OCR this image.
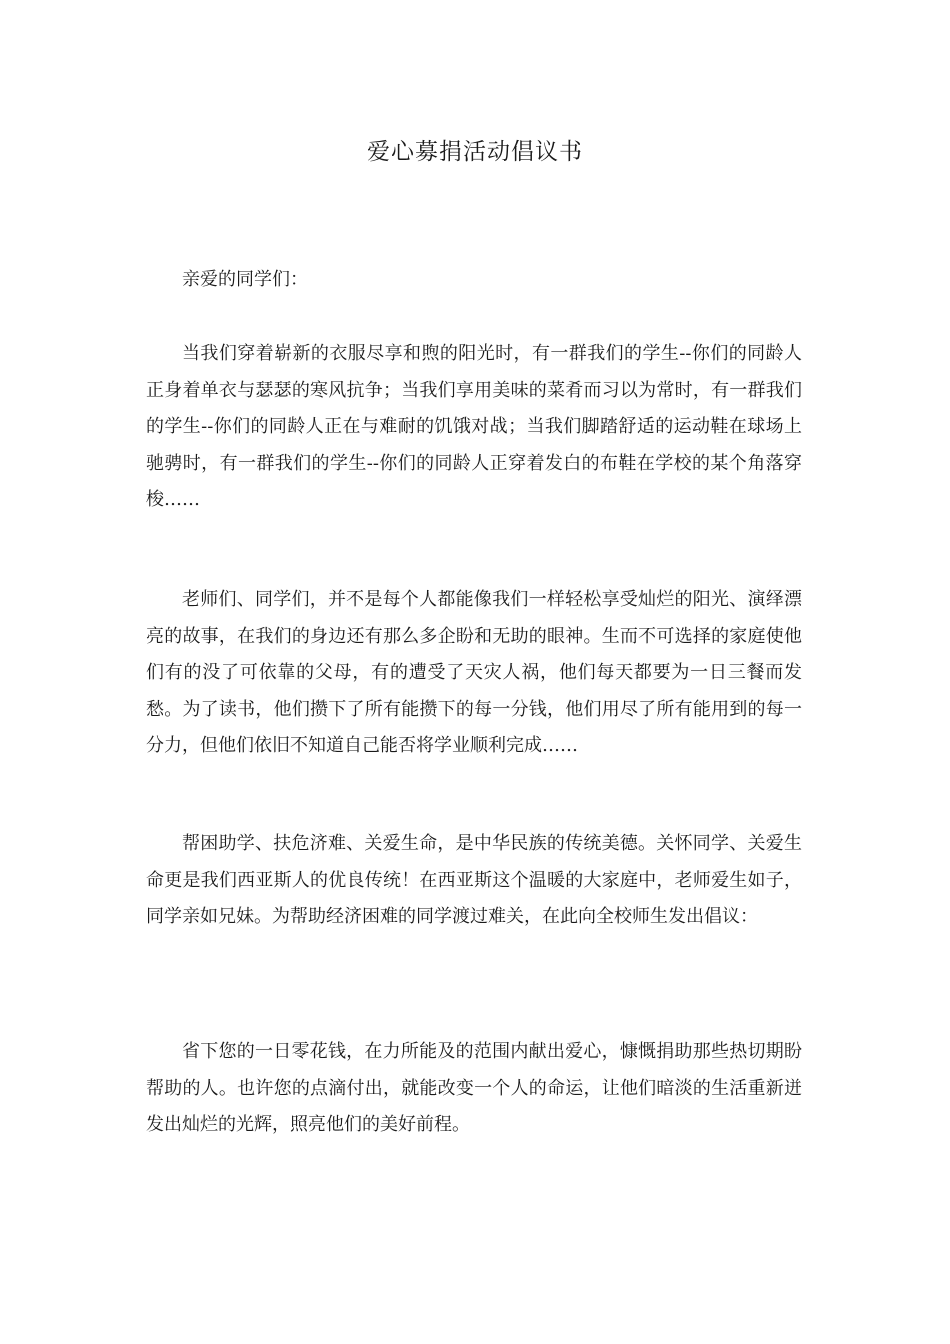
爱心募捐活动倡议书

亲爱的同学们：

当我们穿着崭新的衣服尽享和煦的阳光时，有一群我们的学生--你们的同龄人正身着单衣与瑟瑟的寒风抗争；当我们享用美味的菜肴而习以为常时，有一群我们的学生--你们的同龄人正在与难耐的饥饿对战；当我们脚踏舒适的运动鞋在球场上驰骋时，有一群我们的学生--你们的同龄人正穿着发白的布鞋在学校的某个角落穿梭……

老师们、同学们，并不是每个人都能像我们一样轻松享受灿烂的阳光、演绎漂亮的故事，在我们的身边还有那么多企盼和无助的眼神。生而不可选择的家庭使他们有的没了可依靠的父母，有的遭受了天灾人祸，他们每天都要为一日三餐而发愁。为了读书，他们攒下了所有能攒下的每一分钱，他们用尽了所有能用到的每一分力，但他们依旧不知道自己能否将学业顺利完成……

帮困助学、扶危济难、关爱生命，是中华民族的传统美德。关怀同学、关爱生命更是我们西亚斯人的优良传统！在西亚斯这个温暖的大家庭中，老师爱生如子，同学亲如兄妹。为帮助经济困难的同学渡过难关，在此向全校师生发出倡议：

省下您的一日零花钱，在力所能及的范围内献出爱心，慷慨捐助那些热切期盼帮助的人。也许您的点滴付出，就能改变一个人的命运，让他们暗淡的生活重新迸发出灿烂的光辉，照亮他们的美好前程。
